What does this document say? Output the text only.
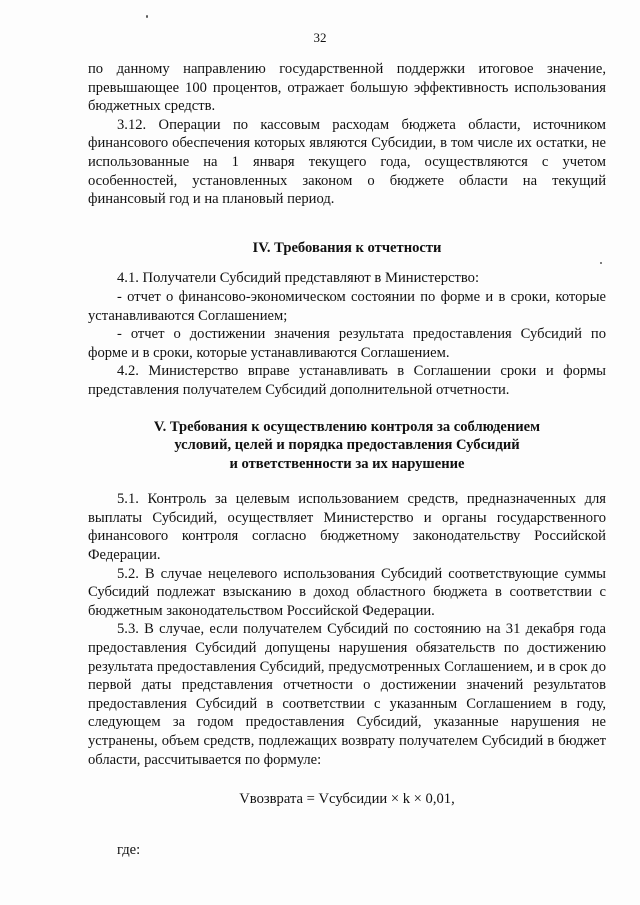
32

по данному направлению государственной поддержки итоговое значение, превышающее 100 процентов, отражает большую эффективность использования бюджетных средств.

3.12. Операции по кассовым расходам бюджета области, источником финансового обеспечения которых являются Субсидии, в том числе их остатки, не использованные на 1 января текущего года, осуществляются с учетом особенностей, установленных законом о бюджете области на текущий финансовый год и на плановый период.

IV. Требования к отчетности

4.1. Получатели Субсидий представляют в Министерство:

- отчет о финансово-экономическом состоянии по форме и в сроки, которые устанавливаются Соглашением;

- отчет о достижении значения результата предоставления Субсидий по форме и в сроки, которые устанавливаются Соглашением.

4.2. Министерство вправе устанавливать в Соглашении сроки и формы представления получателем Субсидий дополнительной отчетности.

V. Требования к осуществлению контроля за соблюдением
условий, целей и порядка предоставления Субсидий
и ответственности за их нарушение

5.1. Контроль за целевым использованием средств, предназначенных для выплаты Субсидий, осуществляет Министерство и органы государственного финансового контроля согласно бюджетному законодательству Российской Федерации.

5.2. В случае нецелевого использования Субсидий соответствующие суммы Субсидий подлежат взысканию в доход областного бюджета в соответствии с бюджетным законодательством Российской Федерации.

5.3. В случае, если получателем Субсидий по состоянию на 31 декабря года предоставления Субсидий допущены нарушения обязательств по достижению результата предоставления Субсидий, предусмотренных Соглашением, и в срок до первой даты представления отчетности о достижении значений результатов предоставления Субсидий в соответствии с указанным Соглашением в году, следующем за годом предоставления Субсидий, указанные нарушения не устранены, объем средств, подлежащих возврату получателем Субсидий в бюджет области, рассчитывается по формуле:

Vвозврата = Vсубсидии × k × 0,01,

где:
